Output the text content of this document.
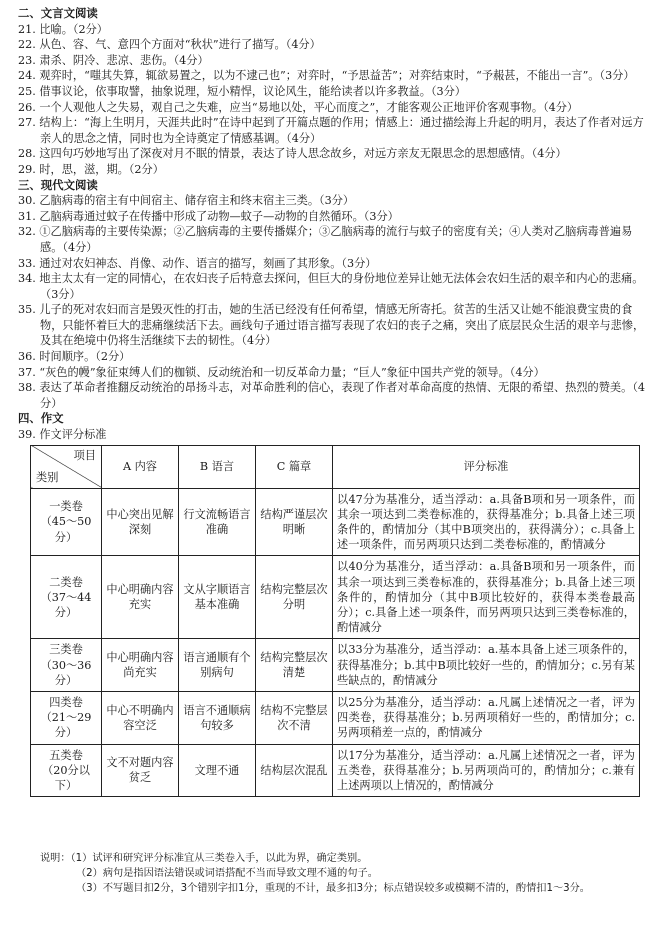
二、文言文阅读
21. 比喻。（2分）
22. 从色、容、气、意四个方面对“秋状”进行了描写。（4分）
23. 肃杀、阴冷、悲凉、悲伤。（4分）
24. 观弈时，“嗤其失算，辄欲易置之，以为不逮己也”；对弈时，“予思益苦”；对弈结束时，“予赧甚，不能出一言”。（3分）
25. 借事议论，依事取譬，抽象说理，短小精悍，议论风生，能给读者以许多教益。（3分）
26. 一个人观他人之失易，观自己之失难，应当“易地以处，平心而度之”，才能客观公正地评价客观事物。（4分）
27. 结构上：“海上生明月，天涯共此时”在诗中起到了开篇点题的作用；情感上：通过描绘海上升起的明月，表达了作者对远方亲人的思念之情，同时也为全诗奠定了情感基调。（4分）
28. 这四句巧妙地写出了深夜对月不眠的情景，表达了诗人思念故乡，对远方亲友无限思念的思想感情。（4分）
29. 时，思，滋，期。（2分）
三、现代文阅读
30. 乙脑病毒的宿主有中间宿主、储存宿主和终末宿主三类。（3分）
31. 乙脑病毒通过蚊子在传播中形成了动物—蚊子—动物的自然循环。（3分）
32. ①乙脑病毒的主要传染源；②乙脑病毒的主要传播媒介；③乙脑病毒的流行与蚊子的密度有关；④人类对乙脑病毒普遍易感。（4分）
33. 通过对农妇神态、肖像、动作、语言的描写，刻画了其形象。（3分）
34. 地主太太有一定的同情心，在农妇丧子后特意去探问，但巨大的身份地位差异让她无法体会农妇生活的艰辛和内心的悲痛。（3分）
35. 儿子的死对农妇而言是毁灭性的打击，她的生活已经没有任何希望，情感无所寄托。贫苦的生活又让她不能浪费宝贵的食物，只能怀着巨大的悲痛继续活下去。画线句子通过语言描写表现了农妇的丧子之痛，突出了底层民众生活的艰辛与悲惨，及其在绝境中仍将生活继续下去的韧性。（4分）
36. 时间顺序。（2分）
37. “灰色的幔”象征束缚人们的枷锁、反动统治和一切反革命力量；“巨人”象征中国共产党的领导。（4分）
38. 表达了革命者推翻反动统治的昂扬斗志，对革命胜利的信心，表现了作者对革命高度的热情、无限的希望、热烈的赞美。（4分）
四、作文
39. 作文评分标准
项目
类别	A 内容	B 语言	C 篇章	评分标准

一类卷
（45～50分）	中心突出见解深刻	行文流畅语言准确	结构严谨层次明晰	以47分为基准分，适当浮动：a.具备B项和另一项条件，而其余一项达到二类卷标准的，获得基准分；b.具备上述三项条件的，酌情加分（其中B项突出的，获得满分）；c.具备上述一项条件，而另两项只达到二类卷标准的，酌情减分

二类卷
（37～44分）	中心明确内容充实	文从字顺语言基本准确	结构完整层次分明	以40分为基准分，适当浮动：a.具备B项和另一项条件，而其余一项达到三类卷标准的，获得基准分；b.具备上述三项条件的，酌情加分（其中B项比较好的，获得本类卷最高分）；c.具备上述一项条件，而另两项只达到三类卷标准的，酌情减分

三类卷
（30～36分）	中心明确内容尚充实	语言通顺有个别病句	结构完整层次清楚	以33分为基准分，适当浮动：a.基本具备上述三项条件的，获得基准分；b.其中B项比较好一些的，酌情加分；c.另有某些缺点的，酌情减分

四类卷
（21～29分）	中心不明确内容空泛	语言不通顺病句较多	结构不完整层次不清	以25分为基准分，适当浮动：a.凡属上述情况之一者，评为四类卷，获得基准分；b.另两项稍好一些的，酌情加分；c.另两项稍差一点的，酌情减分

五类卷
（20分以下）	文不对题内容贫乏	文理不通	结构层次混乱	以17分为基准分，适当浮动：a.凡属上述情况之一者，评为五类卷，获得基准分；b.另两项尚可的，酌情加分；c.兼有上述两项以上情况的，酌情减分
说明：（1）试评和研究评分标准宜从三类卷入手，以此为界，确定类别。
（2）病句是指因语法错误或词语搭配不当而导致文理不通的句子。
（3）不写题目扣2分，3个错别字扣1分，重现的不计，最多扣3分；标点错误较多或模糊不清的，酌情扣1～3分。
